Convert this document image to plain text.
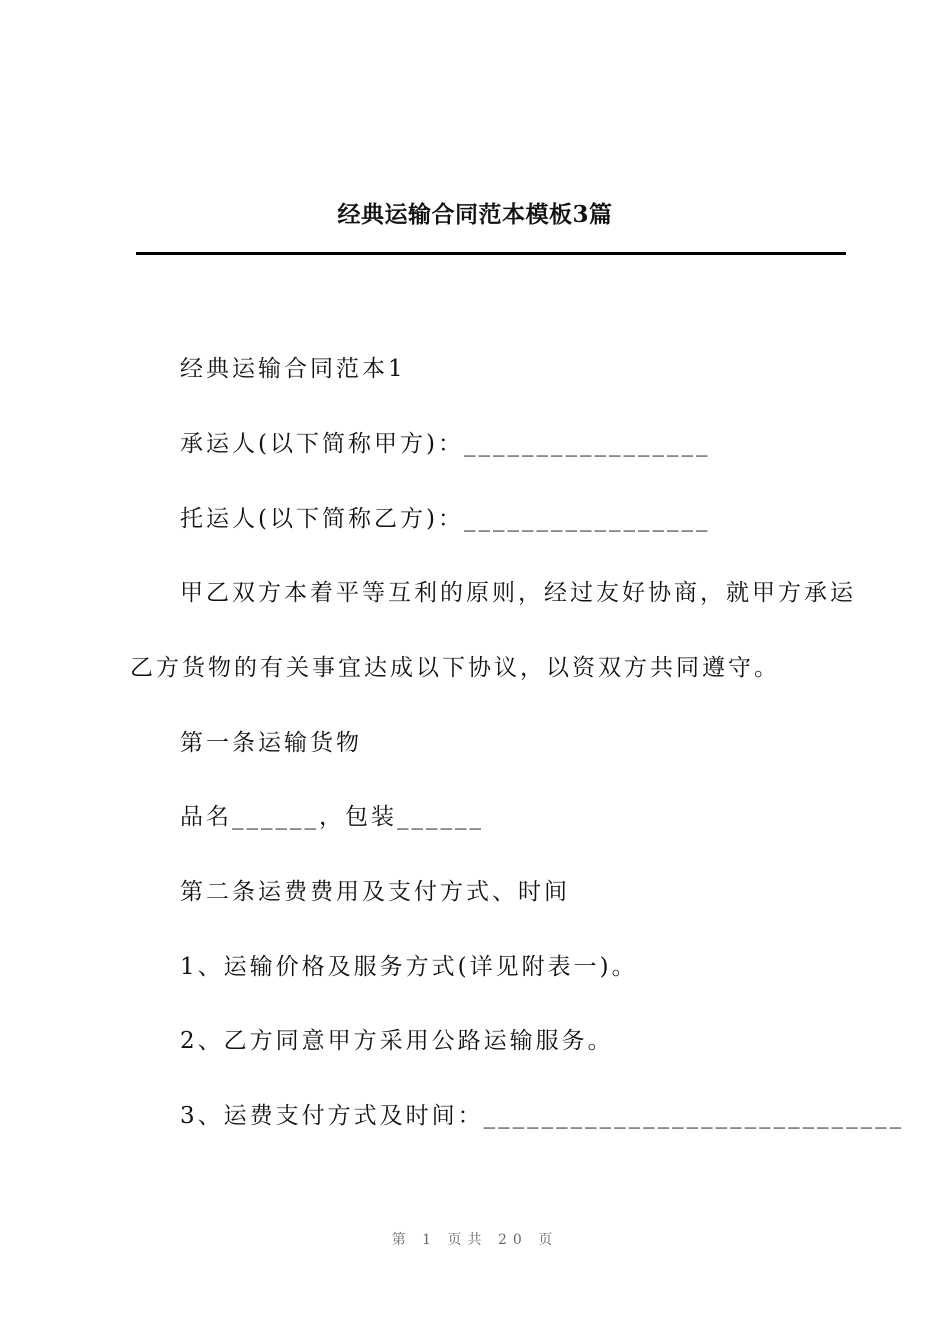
经典运输合同范本模板3篇
经典运输合同范本1
承运人(以下简称甲方)：_________________
托运人(以下简称乙方)：_________________
甲乙双方本着平等互利的原则，经过友好协商，就甲方承运
乙方货物的有关事宜达成以下协议，以资双方共同遵守。
第一条运输货物
品名______，包装______
第二条运费费用及支付方式、时间
1、运输价格及服务方式(详见附表一)。
2、乙方同意甲方采用公路运输服务。
3、运费支付方式及时间：_____________________________
第 1 页共 20 页
